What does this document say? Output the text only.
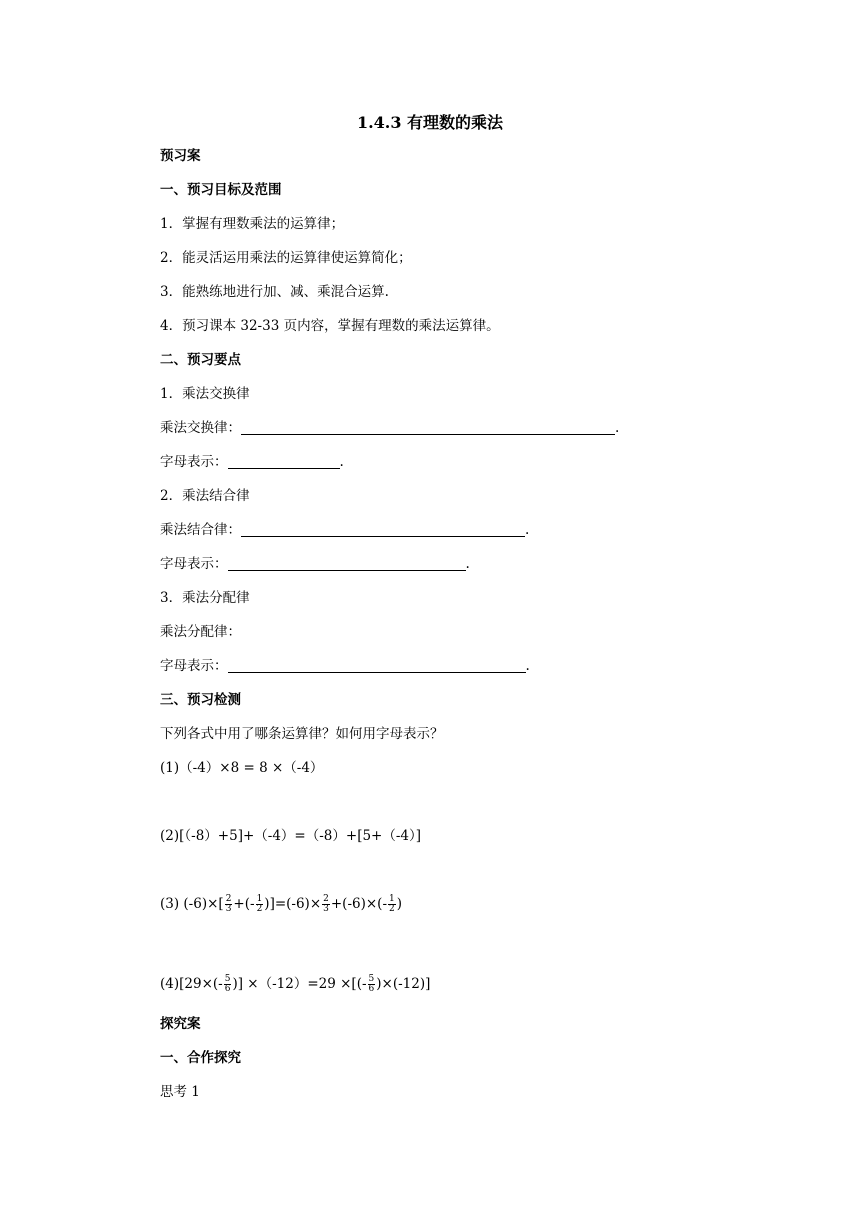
1.4.3 有理数的乘法
预习案
一、预习目标及范围
1．掌握有理数乘法的运算律；
2．能灵活运用乘法的运算律使运算简化；
3．能熟练地进行加、减、乘混合运算.
4．预习课本 32-33 页内容，掌握有理数的乘法运算律。
二、预习要点
1．乘法交换律
乘法交换律：	.
字母表示：	.
2．乘法结合律
乘法结合律：	.
字母表示：	.
3．乘法分配律
乘法分配律：
字母表示：	.
三、预习检测
下列各式中用了哪条运算律？如何用字母表示？
(1)（-4）×8 = 8 ×（-4）
(2)[（-8）+5]+（-4）=（-8）+[5+（-4）]
(3) $(-6)\times[ \frac{2}{3}$ +(- $\frac{1}{2} )]=(-6)\times \frac{2}{3} +(-6)\times(- \frac{1}{2}$ )
$(4)[29\times(- \frac{5}{6}$ )] ×（-12）=29 ×[(- $\frac{5}{6} )\times(-12)$]
探究案
一、合作探究
思考 1
